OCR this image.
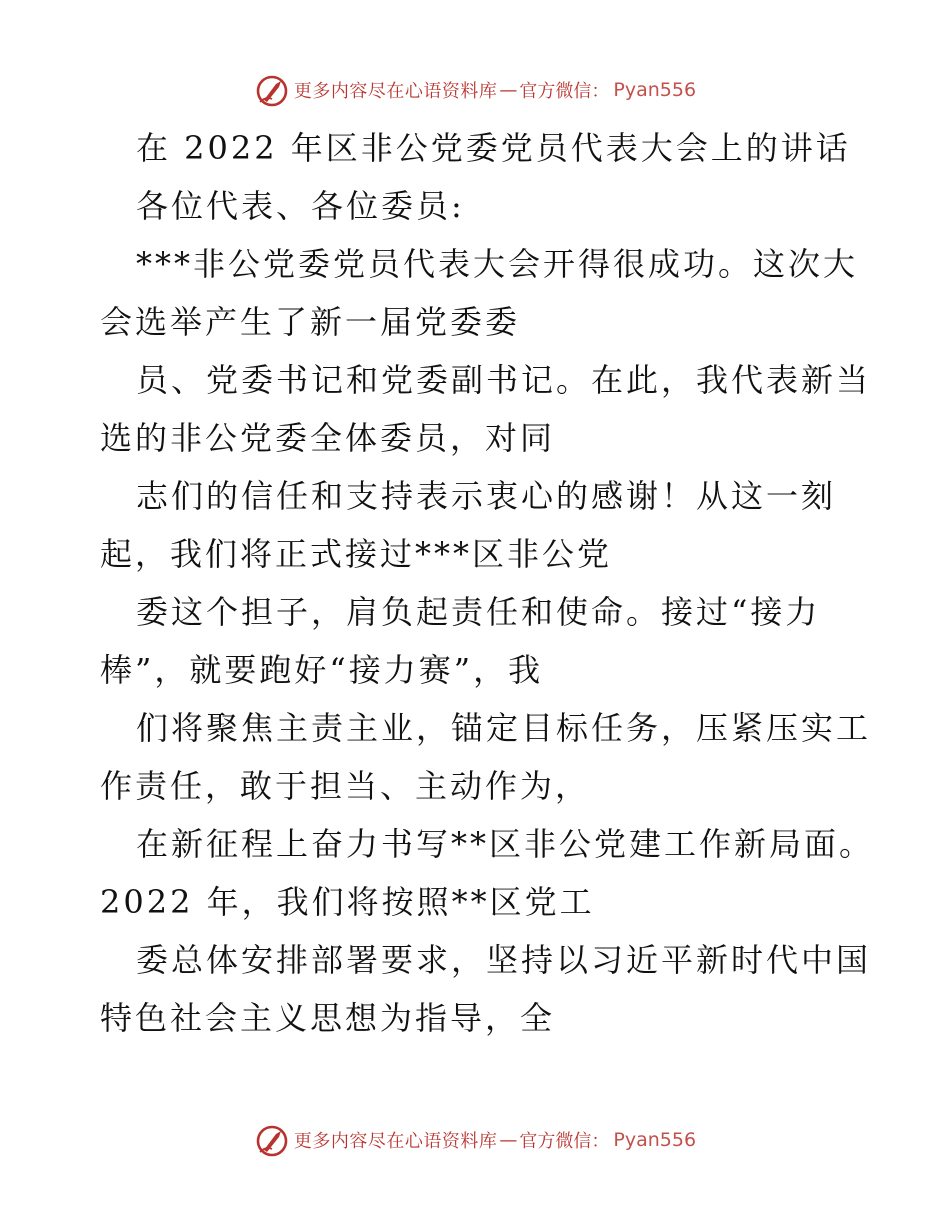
更多内容尽在心语资料库 — 官方微信： Pyan556
在 2022 年区非公党委党员代表大会上的讲话
各位代表、各位委员:
***非公党委党员代表大会开得很成功。这次大
会选举产生了新一届党委委
员、党委书记和党委副书记。在此，我代表新当
选的非公党委全体委员，对同
志们的信任和支持表示衷心的感谢！从这一刻
起，我们将正式接过***区非公党
委这个担子，肩负起责任和使命。接过“接力
棒”，就要跑好“接力赛”，我
们将聚焦主责主业，锚定目标任务，压紧压实工
作责任，敢于担当、主动作为，
在新征程上奋力书写**区非公党建工作新局面。
2022 年，我们将按照**区党工
委总体安排部署要求，坚持以习近平新时代中国
特色社会主义思想为指导，全
更多内容尽在心语资料库 — 官方微信： Pyan556
